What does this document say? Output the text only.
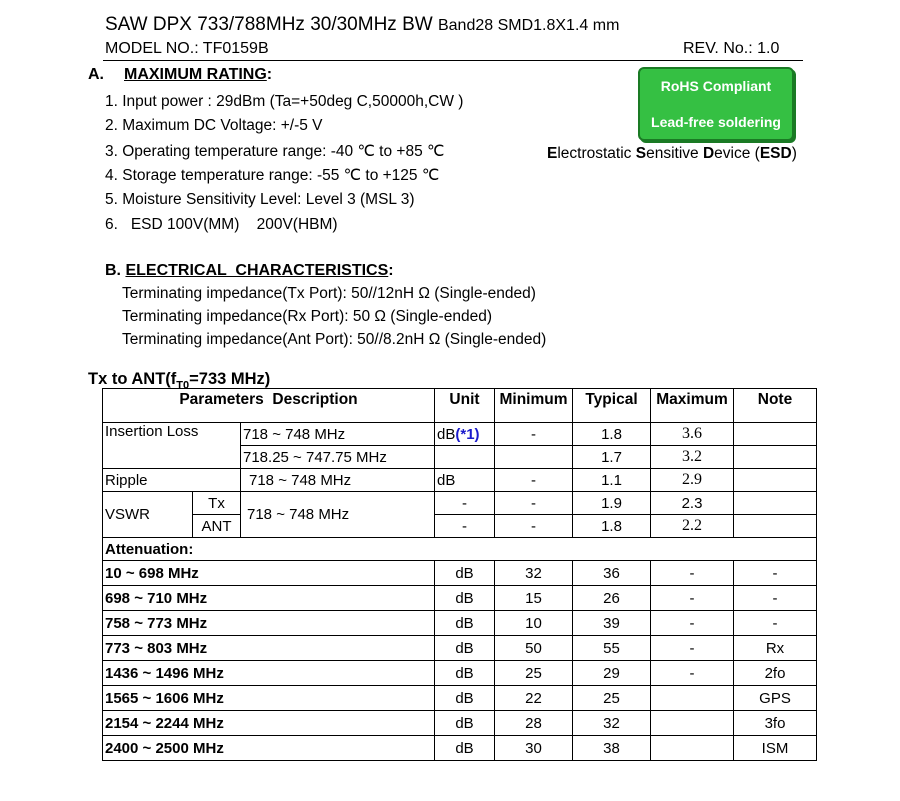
SAW DPX 733/788MHz 30/30MHz BW Band28 SMD1.8X1.4 mm
MODEL NO.: TF0159B	REV. No.: 1.0
A. MAXIMUM RATING:
1. Input power : 29dBm (Ta=+50deg C,50000h,CW )
2. Maximum DC Voltage: +/-5 V
3. Operating temperature range: -40 ℃ to +85 ℃
4. Storage temperature range: -55 ℃ to +125 ℃
5. Moisture Sensitivity Level: Level 3 (MSL 3)
6.   ESD 100V(MM)    200V(HBM)
RoHS Compliant
Lead-free soldering
Electrostatic Sensitive Device (ESD)
B. ELECTRICAL  CHARACTERISTICS:
Terminating impedance(Tx Port): 50//12nH Ω (Single-ended)
Terminating impedance(Rx Port): 50 Ω (Single-ended)
Terminating impedance(Ant Port): 50//8.2nH Ω (Single-ended)
Tx to $ANT(f_{T0}=733$ MHz)
Parameters  Description			Unit	Minimum	Typical	Maximum	Note
Insertion Loss		718 ~ 748 MHz	dB(*1)	-	1.8	3.6	
		718.25 ~ 747.75 MHz			1.7	3.2	
Ripple		718 ~ 748 MHz	dB	-	1.1	2.9	
VSWR	Tx	718 ~ 748 MHz	-	-	1.9	2.3	
	ANT		-	-	1.8	2.2	
Attenuation:							
10 ~ 698 MHz			dB	32	36	-	-
698 ~ 710 MHz			dB	15	26	-	-
758 ~ 773 MHz			dB	10	39	-	-
773 ~ 803 MHz			dB	50	55	-	Rx
1436 ~ 1496 MHz			dB	25	29	-	2fo
1565 ~ 1606 MHz			dB	22	25		GPS
2154 ~ 2244 MHz			dB	28	32		3fo
2400 ~ 2500 MHz			dB	30	38		ISM
